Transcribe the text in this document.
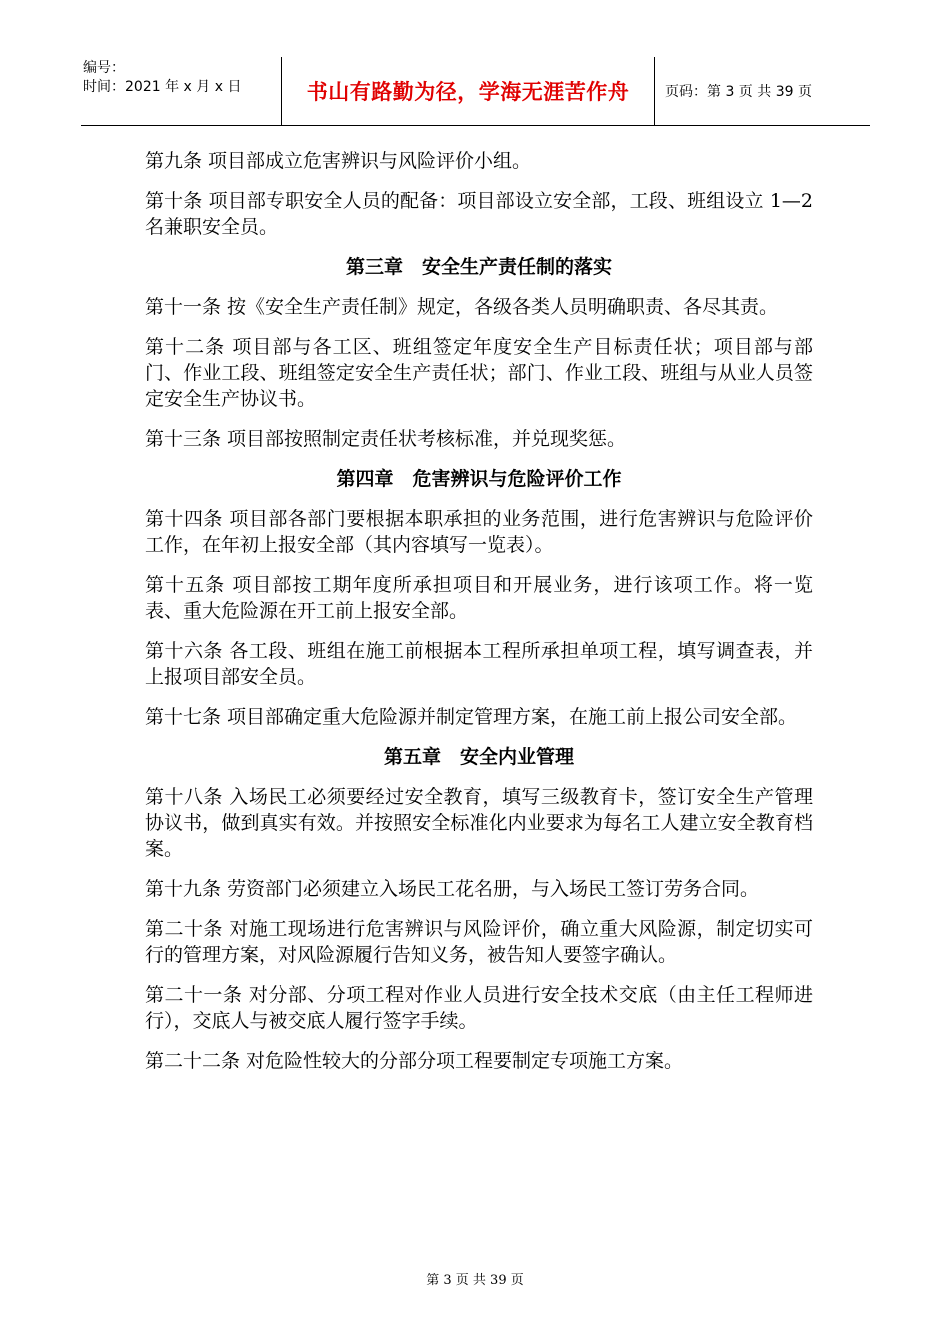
编号：
时间：2021 年 x 月 x 日	书山有路勤为径，学海无涯苦作舟	页码：第 3 页 共 39 页
第九条 项目部成立危害辨识与风险评价小组。
第十条 项目部专职安全人员的配备：项目部设立安全部，工段、班组设立 1—2 名兼职安全员。
第三章　安全生产责任制的落实
第十一条 按《安全生产责任制》规定，各级各类人员明确职责、各尽其责。
第十二条 项目部与各工区、班组签定年度安全生产目标责任状；项目部与部门、作业工段、班组签定安全生产责任状；部门、作业工段、班组与从业人员签定安全生产协议书。
第十三条 项目部按照制定责任状考核标准，并兑现奖惩。
第四章　危害辨识与危险评价工作
第十四条 项目部各部门要根据本职承担的业务范围，进行危害辨识与危险评价工作，在年初上报安全部（其内容填写一览表）。
第十五条 项目部按工期年度所承担项目和开展业务，进行该项工作。将一览表、重大危险源在开工前上报安全部。
第十六条 各工段、班组在施工前根据本工程所承担单项工程，填写调查表，并上报项目部安全员。
第十七条 项目部确定重大危险源并制定管理方案，在施工前上报公司安全部。
第五章　安全内业管理
第十八条 入场民工必须要经过安全教育，填写三级教育卡，签订安全生产管理协议书，做到真实有效。并按照安全标准化内业要求为每名工人建立安全教育档案。
第十九条 劳资部门必须建立入场民工花名册，与入场民工签订劳务合同。
第二十条 对施工现场进行危害辨识与风险评价，确立重大风险源，制定切实可行的管理方案，对风险源履行告知义务，被告知人要签字确认。
第二十一条 对分部、分项工程对作业人员进行安全技术交底（由主任工程师进行），交底人与被交底人履行签字手续。
第二十二条 对危险性较大的分部分项工程要制定专项施工方案。
第 3 页 共 39 页
